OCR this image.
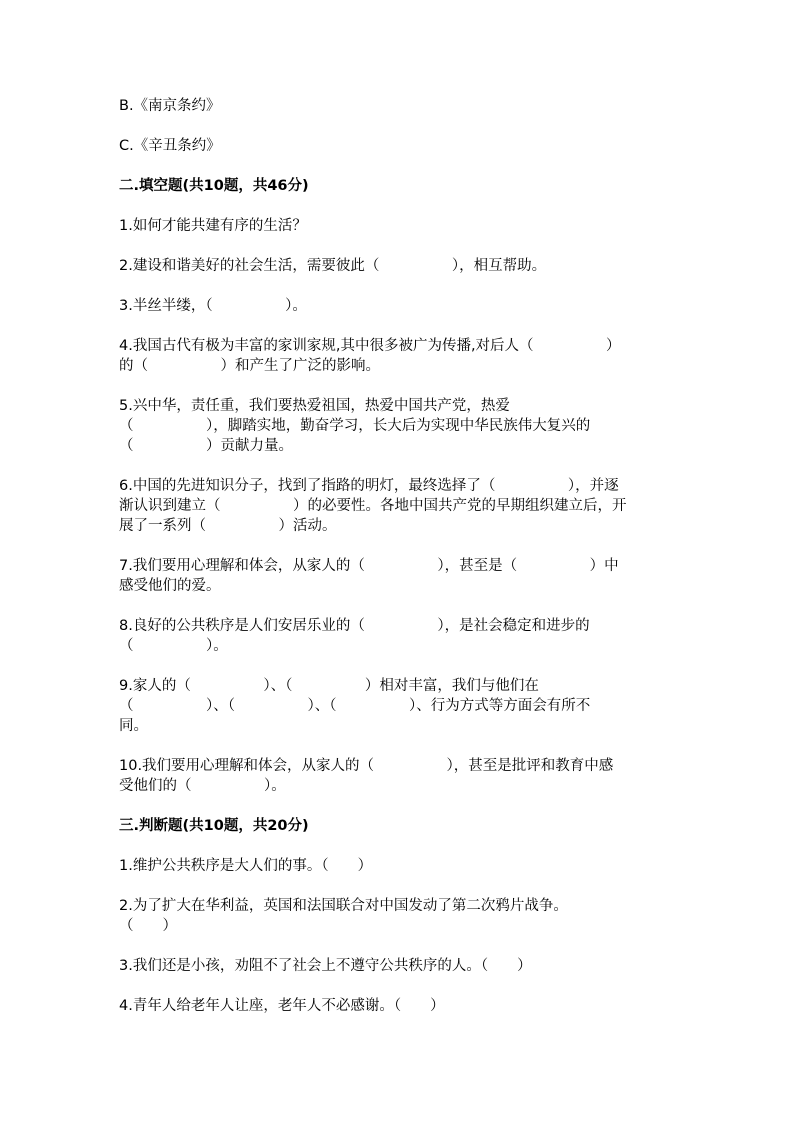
B.《南京条约》
C.《辛丑条约》
二.填空题(共10题，共46分)
1.如何才能共建有序的生活？
2.建设和谐美好的社会生活，需要彼此（　　　　　），相互帮助。
3.半丝半缕，（　　　　　）。
4.我国古代有极为丰富的家训家规,其中很多被广为传播,对后人（　　　　　）
的（　　　　　）和产生了广泛的影响。
5.兴中华，责任重，我们要热爱祖国，热爱中国共产党，热爱
（　　　　　），脚踏实地，勤奋学习，长大后为实现中华民族伟大复兴的
（　　　　　）贡献力量。
6.中国的先进知识分子，找到了指路的明灯，最终选择了（　　　　　），并逐
渐认识到建立（　　　　　）的必要性。各地中国共产党的早期组织建立后，开
展了一系列（　　　　　）活动。
7.我们要用心理解和体会，从家人的（　　　　　），甚至是（　　　　　）中
感受他们的爱。
8.良好的公共秩序是人们安居乐业的（　　　　　），是社会稳定和进步的
（　　　　　）。
9.家人的（　　　　　）、（　　　　　）相对丰富，我们与他们在
（　　　　　）、（　　　　　）、（　　　　　）、行为方式等方面会有所不
同。
10.我们要用心理解和体会，从家人的（　　　　　），甚至是批评和教育中感
受他们的（　　　　　）。
三.判断题(共10题，共20分)
1.维护公共秩序是大人们的事。（　　）
2.为了扩大在华利益，英国和法国联合对中国发动了第二次鸦片战争。
（　　）
3.我们还是小孩，劝阻不了社会上不遵守公共秩序的人。（　　）
4.青年人给老年人让座，老年人不必感谢。（　　）
